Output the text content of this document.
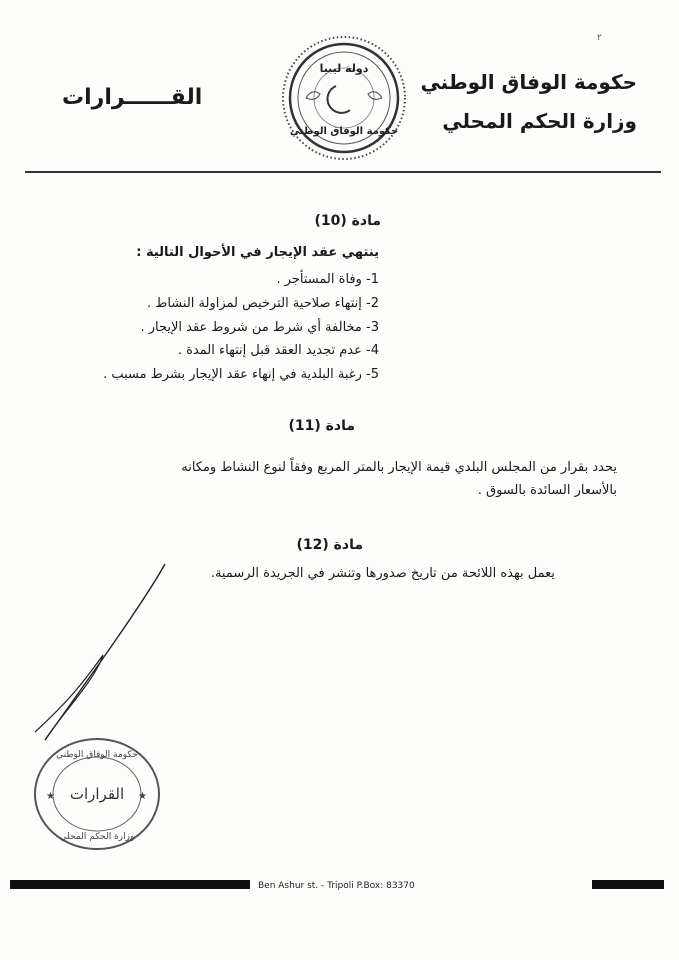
٢
حكومة الوفاق الوطني
وزارة الحكم المحلي
القــــــرارات
دولة ليبيا
حكومة الوفاق الوطني
مادة (10)
ينتهي عقد الإيجار في الأحوال التالية :
1- وفاة المستأجر .
2- إنتهاء صلاحية الترخيص لمزاولة النشاط .
3- مخالفة أي شرط من شروط عقد الإيجار .
4- عدم تجديد العقد قبل إنتهاء المدة .
5- رغبة البلدية في إنهاء عقد الإيجار بشرط مسبب .
مادة (11)
يحدد بقرار من المجلس البلدي قيمة الإيجار بالمتر المربع وفقاً لنوع النشاط ومكانه
بالأسعار السائدة بالسوق .
مادة (12)
يعمل بهذه اللائحة من تاريخ صدورها وتنشر في الجريدة الرسمية.
حكومة الوفاق الوطني
القرارات
وزارة الحكم المحلي
★	★
Ben Ashur st. - Tripoli P.Box: 83370
